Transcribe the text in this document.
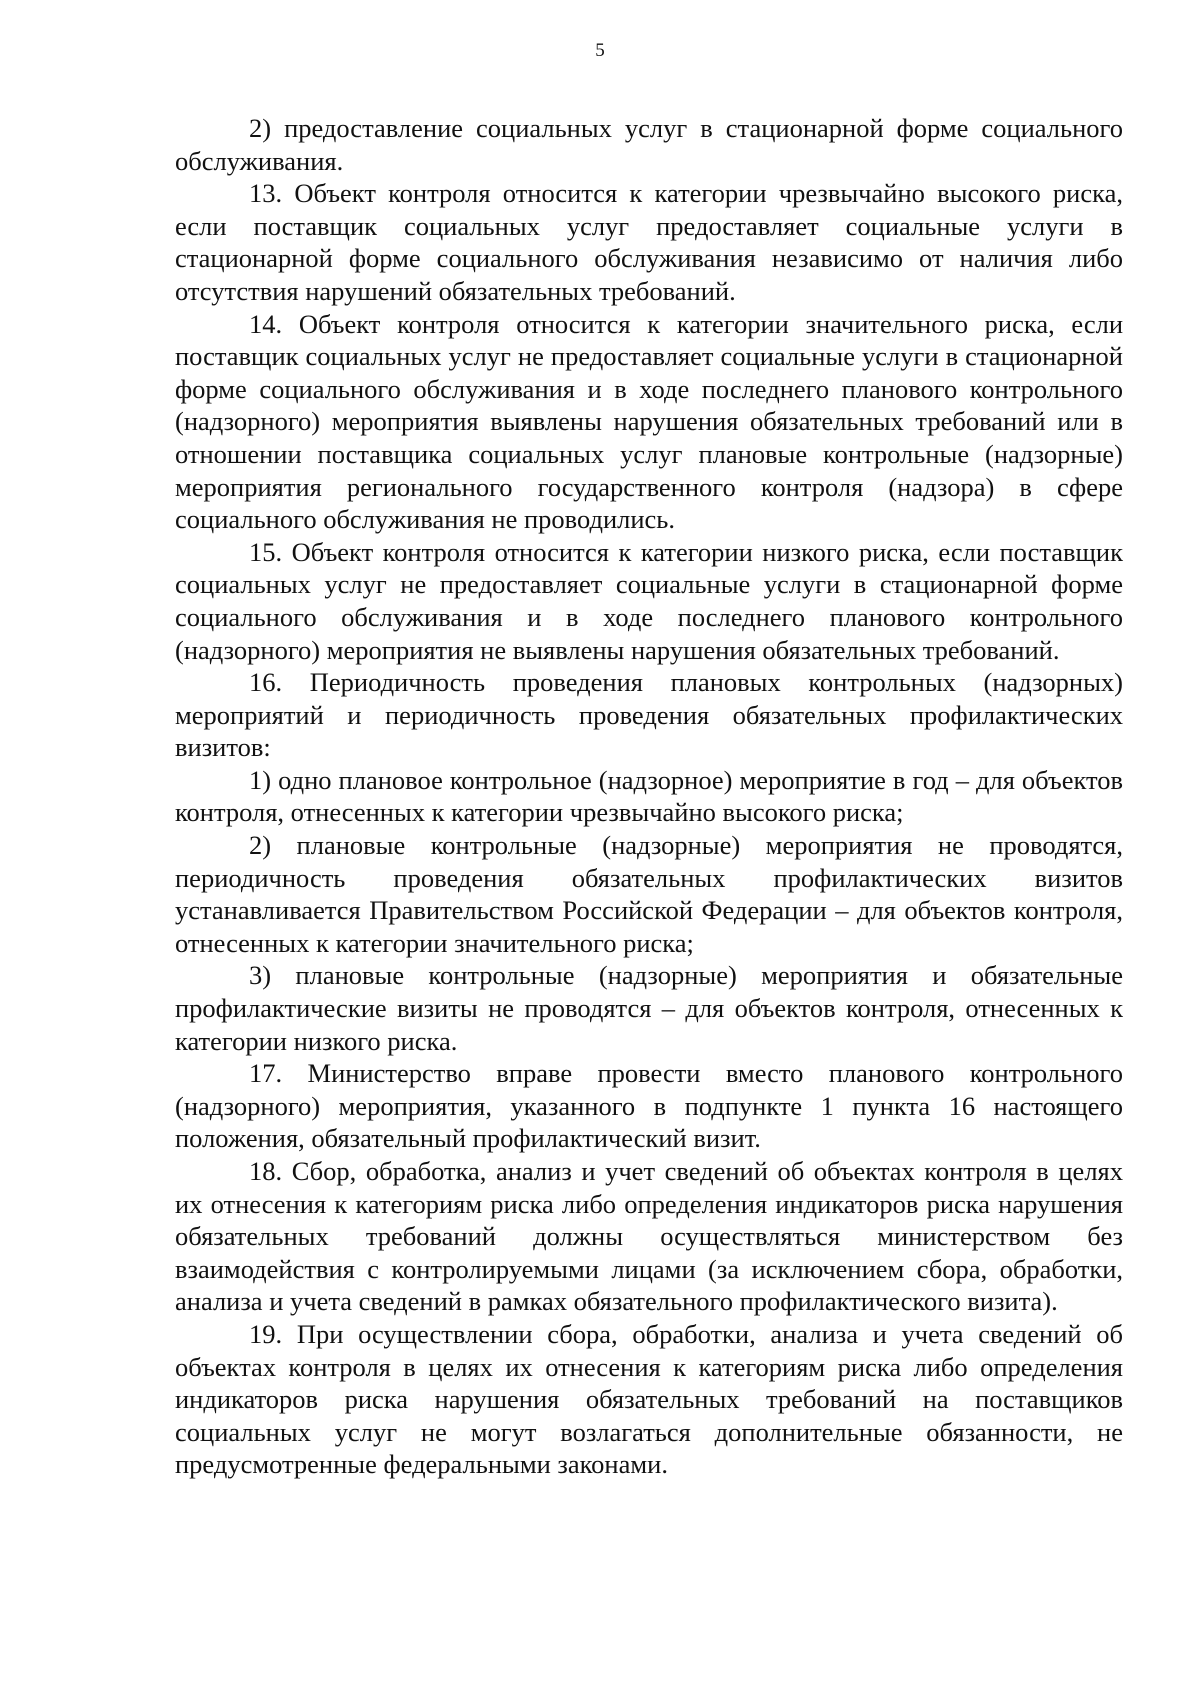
5

2) предоставление социальных услуг в стационарной форме социального обслуживания.

13. Объект контроля относится к категории чрезвычайно высокого риска, если поставщик социальных услуг предоставляет социальные услуги в стационарной форме социального обслуживания независимо от наличия либо отсутствия нарушений обязательных требований.

14. Объект контроля относится к категории значительного риска, если поставщик социальных услуг не предоставляет социальные услуги в стационарной форме социального обслуживания и в ходе последнего планового контрольного (надзорного) мероприятия выявлены нарушения обязательных требований или в отношении поставщика социальных услуг плановые контрольные (надзорные) мероприятия регионального государственного контроля (надзора) в сфере социального обслуживания не проводились.

15. Объект контроля относится к категории низкого риска, если поставщик социальных услуг не предоставляет социальные услуги в стационарной форме социального обслуживания и в ходе последнего планового контрольного (надзорного) мероприятия не выявлены нарушения обязательных требований.

16. Периодичность проведения плановых контрольных (надзорных) мероприятий и периодичность проведения обязательных профилактических визитов:

1) одно плановое контрольное (надзорное) мероприятие в год – для объектов контроля, отнесенных к категории чрезвычайно высокого риска;

2) плановые контрольные (надзорные) мероприятия не проводятся, периодичность проведения обязательных профилактических визитов устанавливается Правительством Российской Федерации – для объектов контроля, отнесенных к категории значительного риска;

3) плановые контрольные (надзорные) мероприятия и обязательные профилактические визиты не проводятся – для объектов контроля, отнесенных к категории низкого риска.

17. Министерство вправе провести вместо планового контрольного (надзорного) мероприятия, указанного в подпункте 1 пункта 16 настоящего положения, обязательный профилактический визит.

18. Сбор, обработка, анализ и учет сведений об объектах контроля в целях их отнесения к категориям риска либо определения индикаторов риска нарушения обязательных требований должны осуществляться министерством без взаимодействия с контролируемыми лицами (за исключением сбора, обработки, анализа и учета сведений в рамках обязательного профилактического визита).

19. При осуществлении сбора, обработки, анализа и учета сведений об объектах контроля в целях их отнесения к категориям риска либо определения индикаторов риска нарушения обязательных требований на поставщиков социальных услуг не могут возлагаться дополнительные обязанности, не предусмотренные федеральными законами.
